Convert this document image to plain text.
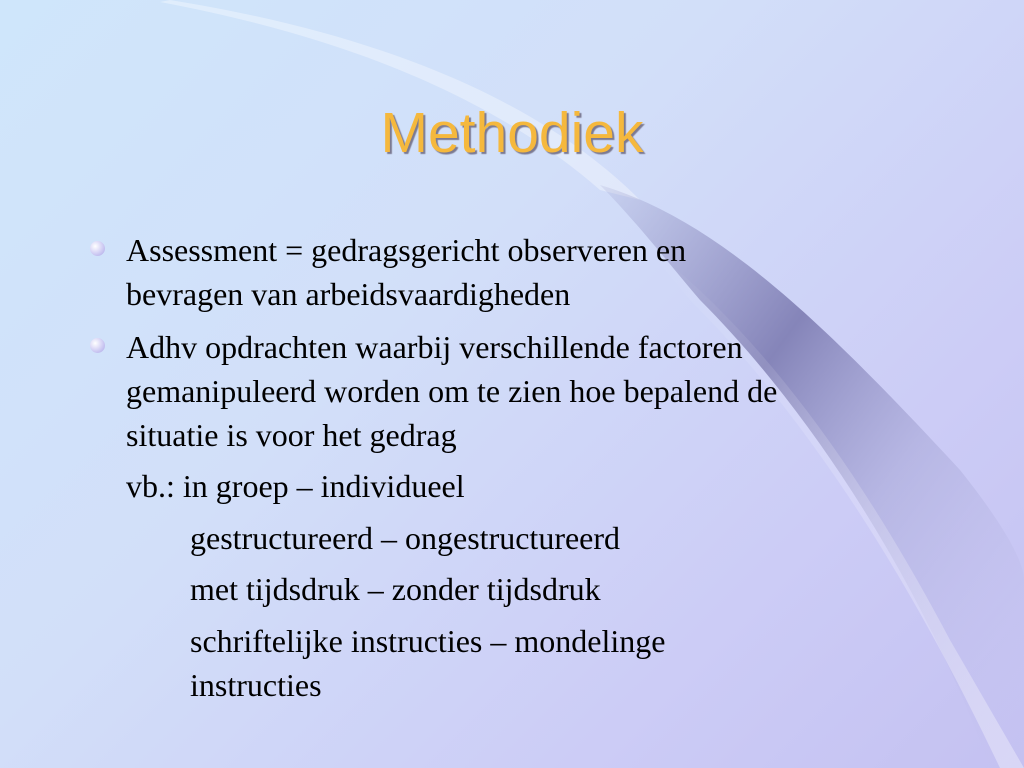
Methodiek
Assessment = gedragsgericht observeren en
bevragen van arbeidsvaardigheden
Adhv opdrachten waarbij verschillende factoren
gemanipuleerd worden om te zien hoe bepalend de
situatie is voor het gedrag
vb.: in groep – individueel
gestructureerd – ongestructureerd
met tijdsdruk – zonder tijdsdruk
schriftelijke instructies – mondelinge
instructies
